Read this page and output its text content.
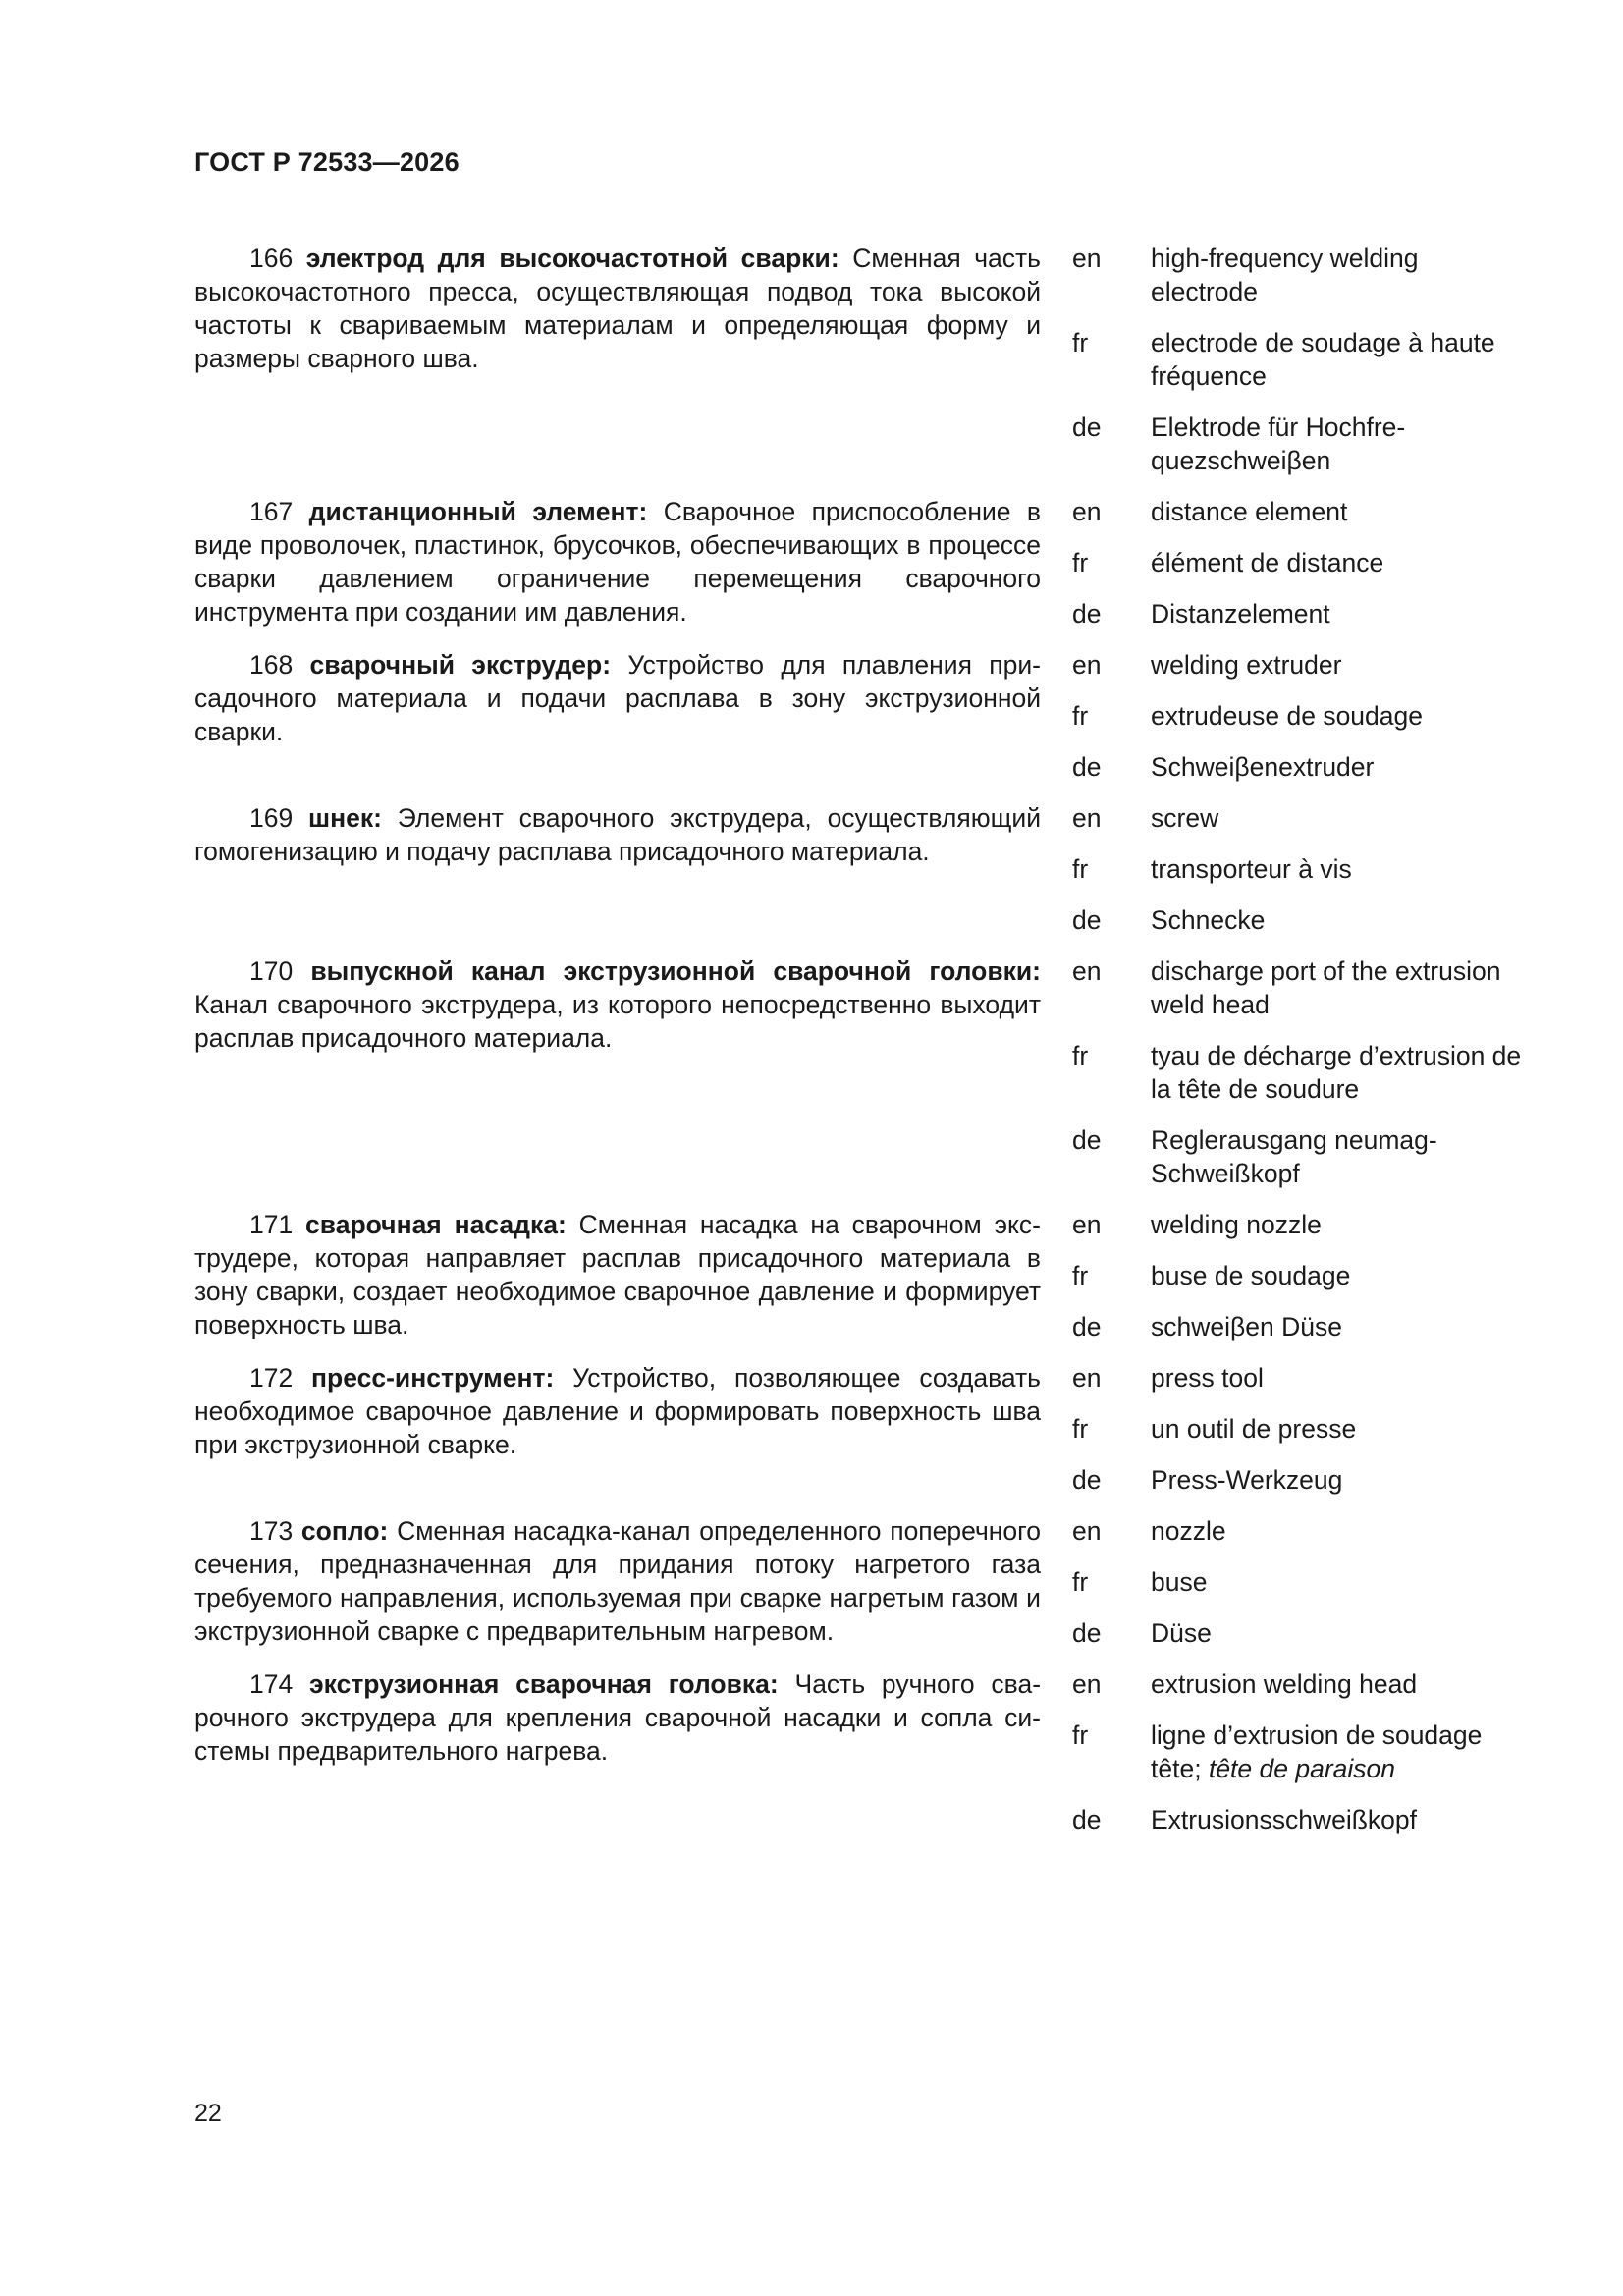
ГОСТ Р 72533—2026

166 электрод для высокочастотной сварки: Сменная часть высокочастотного пресса, осуществляющая подвод тока высокой частоты к свариваемым материалам и определяющая форму и размеры сварного шва.

en	high-frequency welding electrode
fr	electrode de soudage à haute fréquence
de	Elektrode für Hochfrequezschweiβen

167 дистанционный элемент: Сварочное приспособление в виде проволочек, пластинок, брусочков, обеспечивающих в процессе сварки давлением ограничение перемещения сварочного инструмента при создании им давления.

en	distance element
fr	élément de distance
de	Distanzelement

168 сварочный экструдер: Устройство для плавления присадочного материала и подачи расплава в зону экструзионной сварки.

en	welding extruder
fr	extrudeuse de soudage
de	Schweiβenextruder

169 шнек: Элемент сварочного экструдера, осуществляющий гомогенизацию и подачу расплава присадочного материала.

en	screw
fr	transporteur à vis
de	Schnecke

170 выпускной канал экструзионной сварочной головки: Канал сварочного экструдера, из которого непосредственно выходит расплав присадочного материала.

en	discharge port of the extrusion weld head
fr	tyau de décharge d’extrusion de la tête de soudure
de	Reglerausgang neumag-Schweißkopf

171 сварочная насадка: Сменная насадка на сварочном экструдере, которая направляет расплав присадочного материала в зону сварки, создает необходимое сварочное давление и формирует поверхность шва.

en	welding nozzle
fr	buse de soudage
de	schweiβen Düse

172 пресс-инструмент: Устройство, позволяющее создавать необходимое сварочное давление и формировать поверхность шва при экструзионной сварке.

en	press tool
fr	un outil de presse
de	Press-Werkzeug

173 сопло: Сменная насадка-канал определенного поперечного сечения, предназначенная для придания потоку нагретого газа требуемого направления, используемая при сварке нагретым газом и экструзионной сварке с предварительным нагревом.

en	nozzle
fr	buse
de	Düse

174 экструзионная сварочная головка: Часть ручного сварочного экструдера для крепления сварочной насадки и сопла системы предварительного нагрева.

en	extrusion welding head
fr	ligne d’extrusion de soudage tête; tête de paraison
de	Extrusionsschweißkopf
22
